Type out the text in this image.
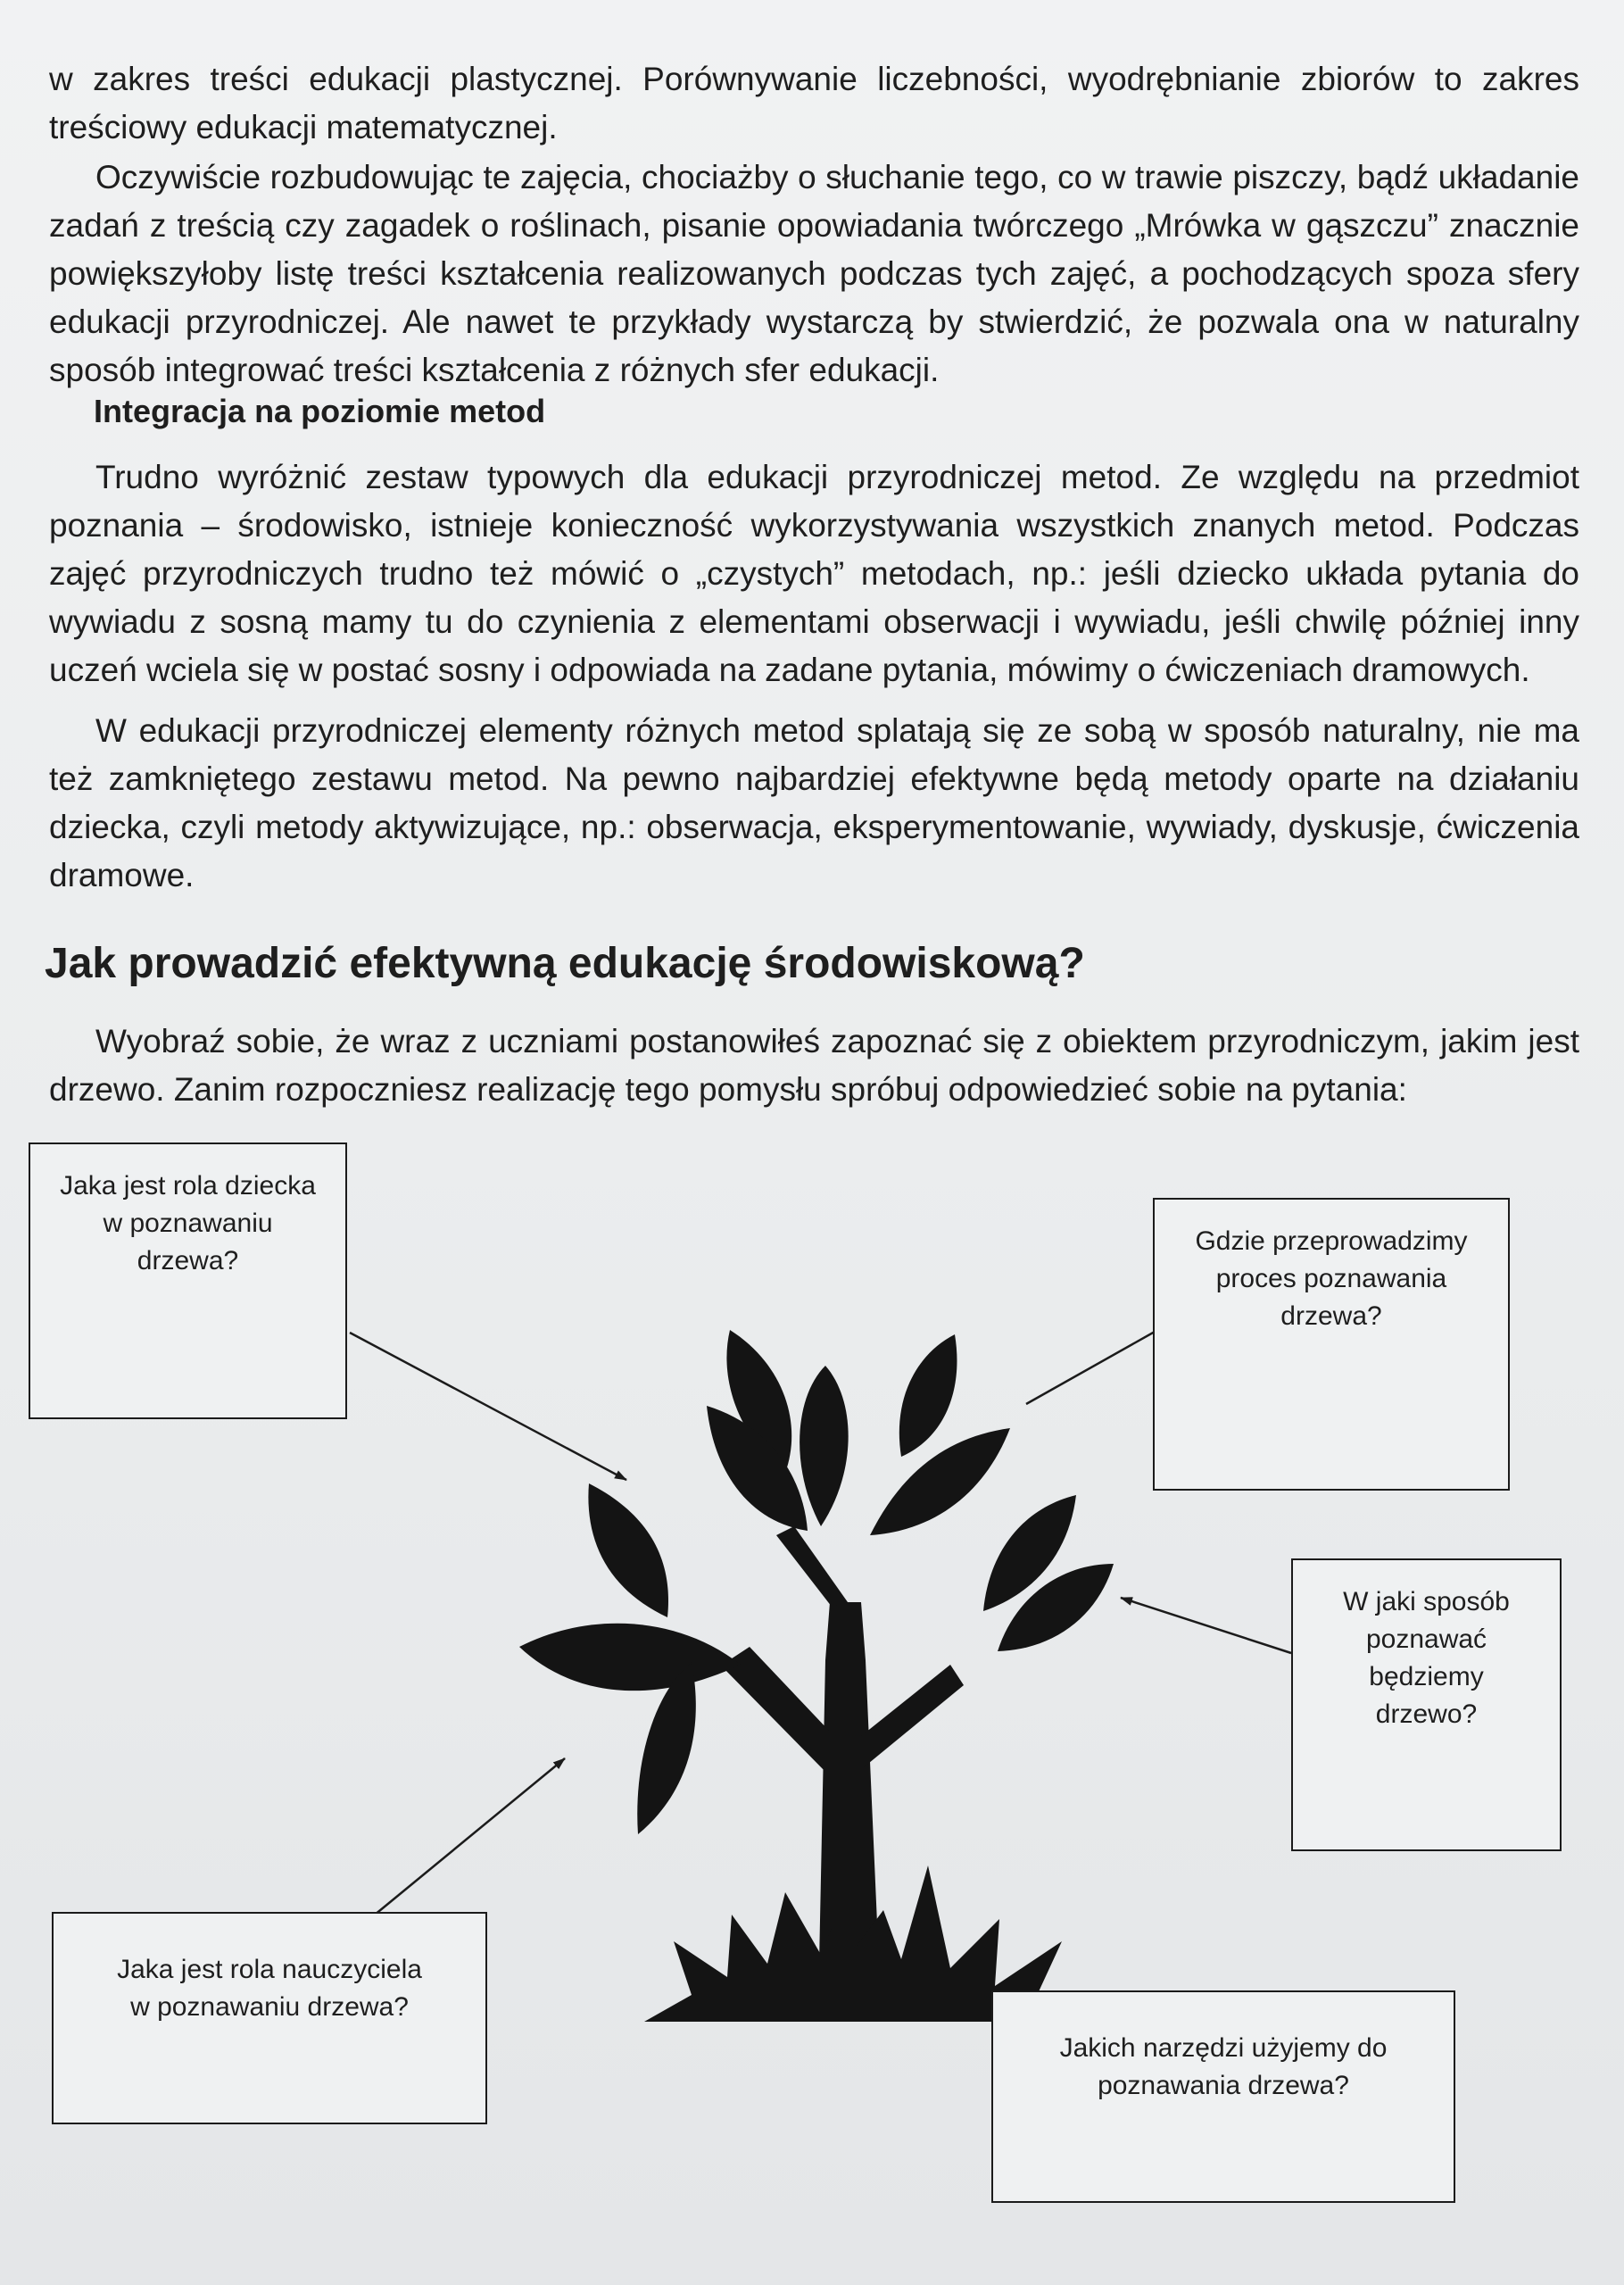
w zakres treści edukacji plastycznej. Porównywanie liczebności, wyodrębnianie zbiorów to zakres treściowy edukacji matematycznej.

Oczywiście rozbudowując te zajęcia, chociażby o słuchanie tego, co w trawie piszczy, bądź układanie zadań z treścią czy zagadek o roślinach, pisanie opowiadania twórczego „Mrówka w gąszczu” znacznie powiększyłoby listę treści kształcenia realizowanych podczas tych zajęć, a pochodzących spoza sfery edukacji przyrodniczej. Ale nawet te przykłady wystarczą by stwierdzić, że pozwala ona w naturalny sposób integrować treści kształcenia z różnych sfer edukacji.

Integracja na poziomie metod

Trudno wyróżnić zestaw typowych dla edukacji przyrodniczej metod. Ze względu na przedmiot poznania – środowisko, istnieje konieczność wykorzystywania wszystkich znanych metod. Podczas zajęć przyrodniczych trudno też mówić o „czystych” metodach, np.: jeśli dziecko układa pytania do wywiadu z sosną mamy tu do czynienia z elementami obserwacji i wywiadu, jeśli chwilę później inny uczeń wciela się w postać sosny i odpowiada na zadane pytania, mówimy o ćwiczeniach dramowych.

W edukacji przyrodniczej elementy różnych metod splatają się ze sobą w sposób naturalny, nie ma też zamkniętego zestawu metod. Na pewno najbardziej efektywne będą metody oparte na działaniu dziecka, czyli metody aktywizujące, np.: obserwacja, eksperymentowanie, wywiady, dyskusje, ćwiczenia dramowe.

Jak prowadzić efektywną edukację środowiskową?

Wyobraź sobie, że wraz z uczniami postanowiłeś zapoznać się z obiektem przyrodniczym, jakim jest drzewo. Zanim rozpoczniesz realizację tego pomysłu spróbuj odpowiedzieć sobie na pytania:

Jaka jest rola dziecka
w poznawaniu
drzewa?
Gdzie przeprowadzimy
proces poznawania
drzewa?
W jaki sposób
poznawać
będziemy
drzewo?
Jaka jest rola nauczyciela
w poznawaniu drzewa?
Jakich narzędzi użyjemy do
poznawania drzewa?
